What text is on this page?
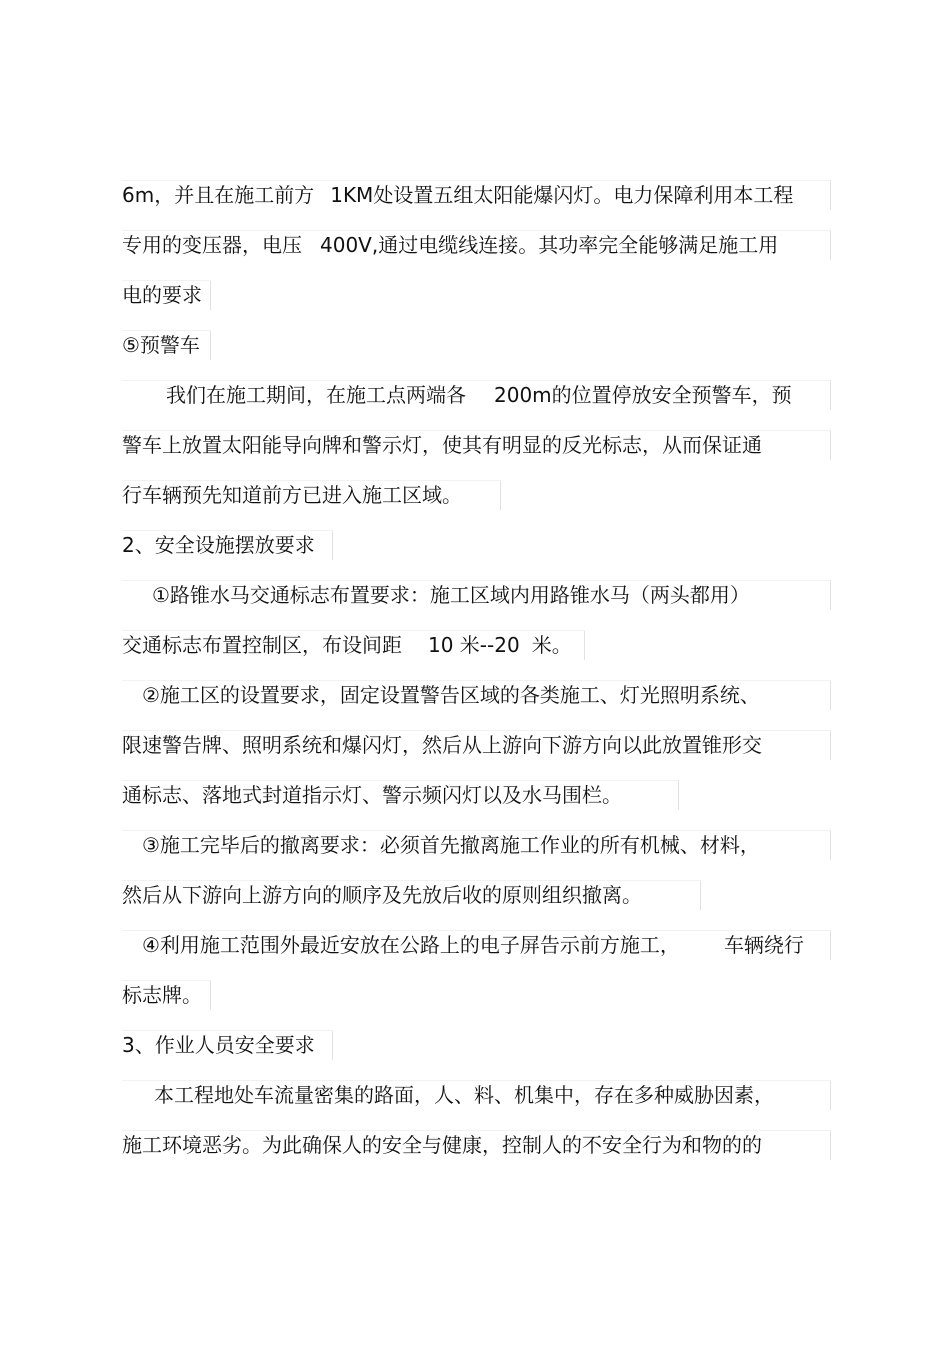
6m，并且在施工前方 1KM处设置五组太阳能爆闪灯。电力保障利用本工程
专用的变压器，电压 400V,通过电缆线连接。其功率完全能够满足施工用
电的要求
⑤预警车
我们在施工期间，在施工点两端各 200m的位置停放安全预警车，预
警车上放置太阳能导向牌和警示灯，使其有明显的反光标志，从而保证通
行车辆预先知道前方已进入施工区域。
2、安全设施摆放要求
①路锥水马交通标志布置要求：施工区域内用路锥水马（两头都用）
交通标志布置控制区，布设间距 10 米--20 米。
②施工区的设置要求，固定设置警告区域的各类施工、灯光照明系统、
限速警告牌、照明系统和爆闪灯，然后从上游向下游方向以此放置锥形交
通标志、落地式封道指示灯、警示频闪灯以及水马围栏。
③施工完毕后的撤离要求：必须首先撤离施工作业的所有机械、材料，
然后从下游向上游方向的顺序及先放后收的原则组织撤离。
④利用施工范围外最近安放在公路上的电子屏告示前方施工， 车辆绕行
标志牌。
3、作业人员安全要求
本工程地处车流量密集的路面，人、料、机集中，存在多种威胁因素，
施工环境恶劣。为此确保人的安全与健康，控制人的不安全行为和物的的
